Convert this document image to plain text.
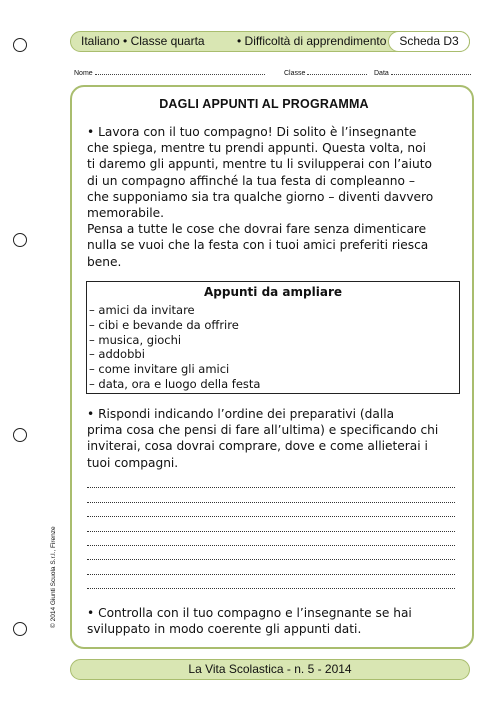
Italiano • Classe quarta	• Difficoltà di apprendimento	Scheda D3
Nome	Classe	Data
DAGLI APPUNTI AL PROGRAMMA
• Lavora con il tuo compagno! Di solito è l’insegnante
che spiega, mentre tu prendi appunti. Questa volta, noi
ti daremo gli appunti, mentre tu li svilupperai con l’aiuto
di un compagno affinché la tua festa di compleanno –
che supponiamo sia tra qualche giorno – diventi davvero
memorabile.
Pensa a tutte le cose che dovrai fare senza dimenticare
nulla se vuoi che la festa con i tuoi amici preferiti riesca
bene.
Appunti da ampliare
– amici da invitare
– cibi e bevande da offrire
– musica, giochi
– addobbi
– come invitare gli amici
– data, ora e luogo della festa
• Rispondi indicando l’ordine dei preparativi (dalla
prima cosa che pensi di fare all’ultima) e specificando chi
inviterai, cosa dovrai comprare, dove e come allieterai i
tuoi compagni.
• Controlla con il tuo compagno e l’insegnante se hai
sviluppato in modo coerente gli appunti dati.
© 2014 Giunti Scuola S.r.l., Firenze
La Vita Scolastica - n. 5 - 2014
